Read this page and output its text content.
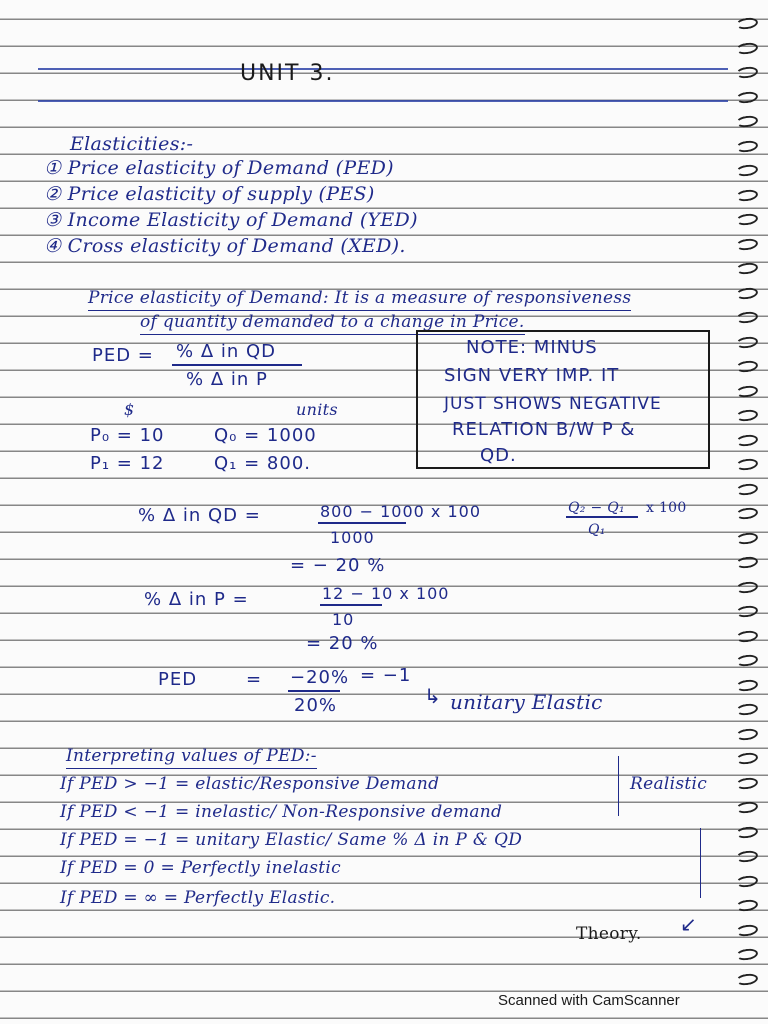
UNIT 3.
Elasticities:-
① Price elasticity of Demand (PED)
② Price elasticity of supply (PES)
③ Income Elasticity of Demand (YED)
④ Cross elasticity of Demand (XED).
Price elasticity of Demand: It is a measure of responsiveness
of quantity demanded to a change in Price.
PED = % Δ in QD
% Δ in P
NOTE: MINUS
SIGN VERY IMP. IT
JUST SHOWS NEGATIVE
RELATION B/W P &
QD.
$	units
P₀ = 10	Q₀ = 1000
P₁ = 12	Q₁ = 800.
% Δ in QD =	800 − 1000 x 100
1000
= − 20 %
Q₂ − Q₁ x 100
Q₁
% Δ in P =	12 − 10 x 100
10
= 20 %
PED	= −20%
20%
= −1
↳ unitary Elastic
Interpreting values of PED:-
If PED > −1 = elastic/Responsive Demand
If PED < −1 = inelastic/ Non-Responsive demand
If PED = −1 = unitary Elastic/ Same % Δ in P & QD
If PED = 0 = Perfectly inelastic
If PED = ∞ = Perfectly Elastic.
Realistic
↙
Theory.
Scanned with CamScanner
